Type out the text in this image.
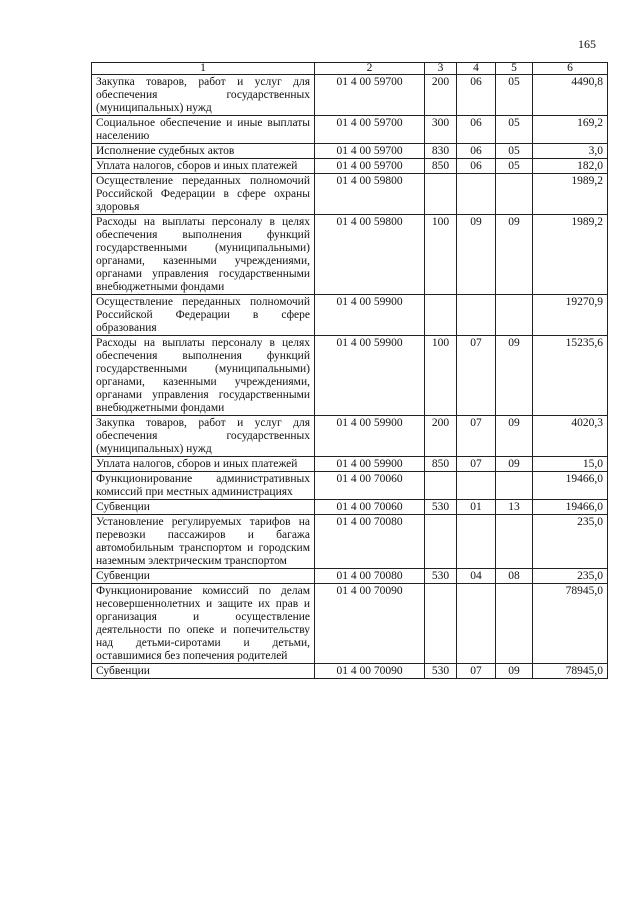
165
1	2	3	4	5	6
Закупка товаров, работ и услуг для обеспечения государственных (муниципальных) нужд	01 4 00 59700	200	06	05	4490,8
Социальное обеспечение и иные выплаты населению	01 4 00 59700	300	06	05	169,2
Исполнение судебных актов	01 4 00 59700	830	06	05	3,0
Уплата налогов, сборов и иных платежей	01 4 00 59700	850	06	05	182,0
Осуществление переданных полномочий Российской Федерации в сфере охраны здоровья	01 4 00 59800				1989,2
Расходы на выплаты персоналу в целях обеспечения выполнения функций государственными (муниципальными) органами, казенными учреждениями, органами управления государственными внебюджетными фондами	01 4 00 59800	100	09	09	1989,2
Осуществление переданных полномочий Российской Федерации в сфере образования	01 4 00 59900				19270,9
Расходы на выплаты персоналу в целях обеспечения выполнения функций государственными (муниципальными) органами, казенными учреждениями, органами управления государственными внебюджетными фондами	01 4 00 59900	100	07	09	15235,6
Закупка товаров, работ и услуг для обеспечения государственных (муниципальных) нужд	01 4 00 59900	200	07	09	4020,3
Уплата налогов, сборов и иных платежей	01 4 00 59900	850	07	09	15,0
Функционирование административных комиссий при местных администрациях	01 4 00 70060				19466,0
Субвенции	01 4 00 70060	530	01	13	19466,0
Установление регулируемых тарифов на перевозки пассажиров и багажа автомобильным транспортом и городским наземным электрическим транспортом	01 4 00 70080				235,0
Субвенции	01 4 00 70080	530	04	08	235,0
Функционирование комиссий по делам несовершеннолетних и защите их прав и организация и осуществление деятельности по опеке и попечительству над детьми-сиротами и детьми, оставшимися без попечения родителей	01 4 00 70090				78945,0
Субвенции	01 4 00 70090	530	07	09	78945,0
